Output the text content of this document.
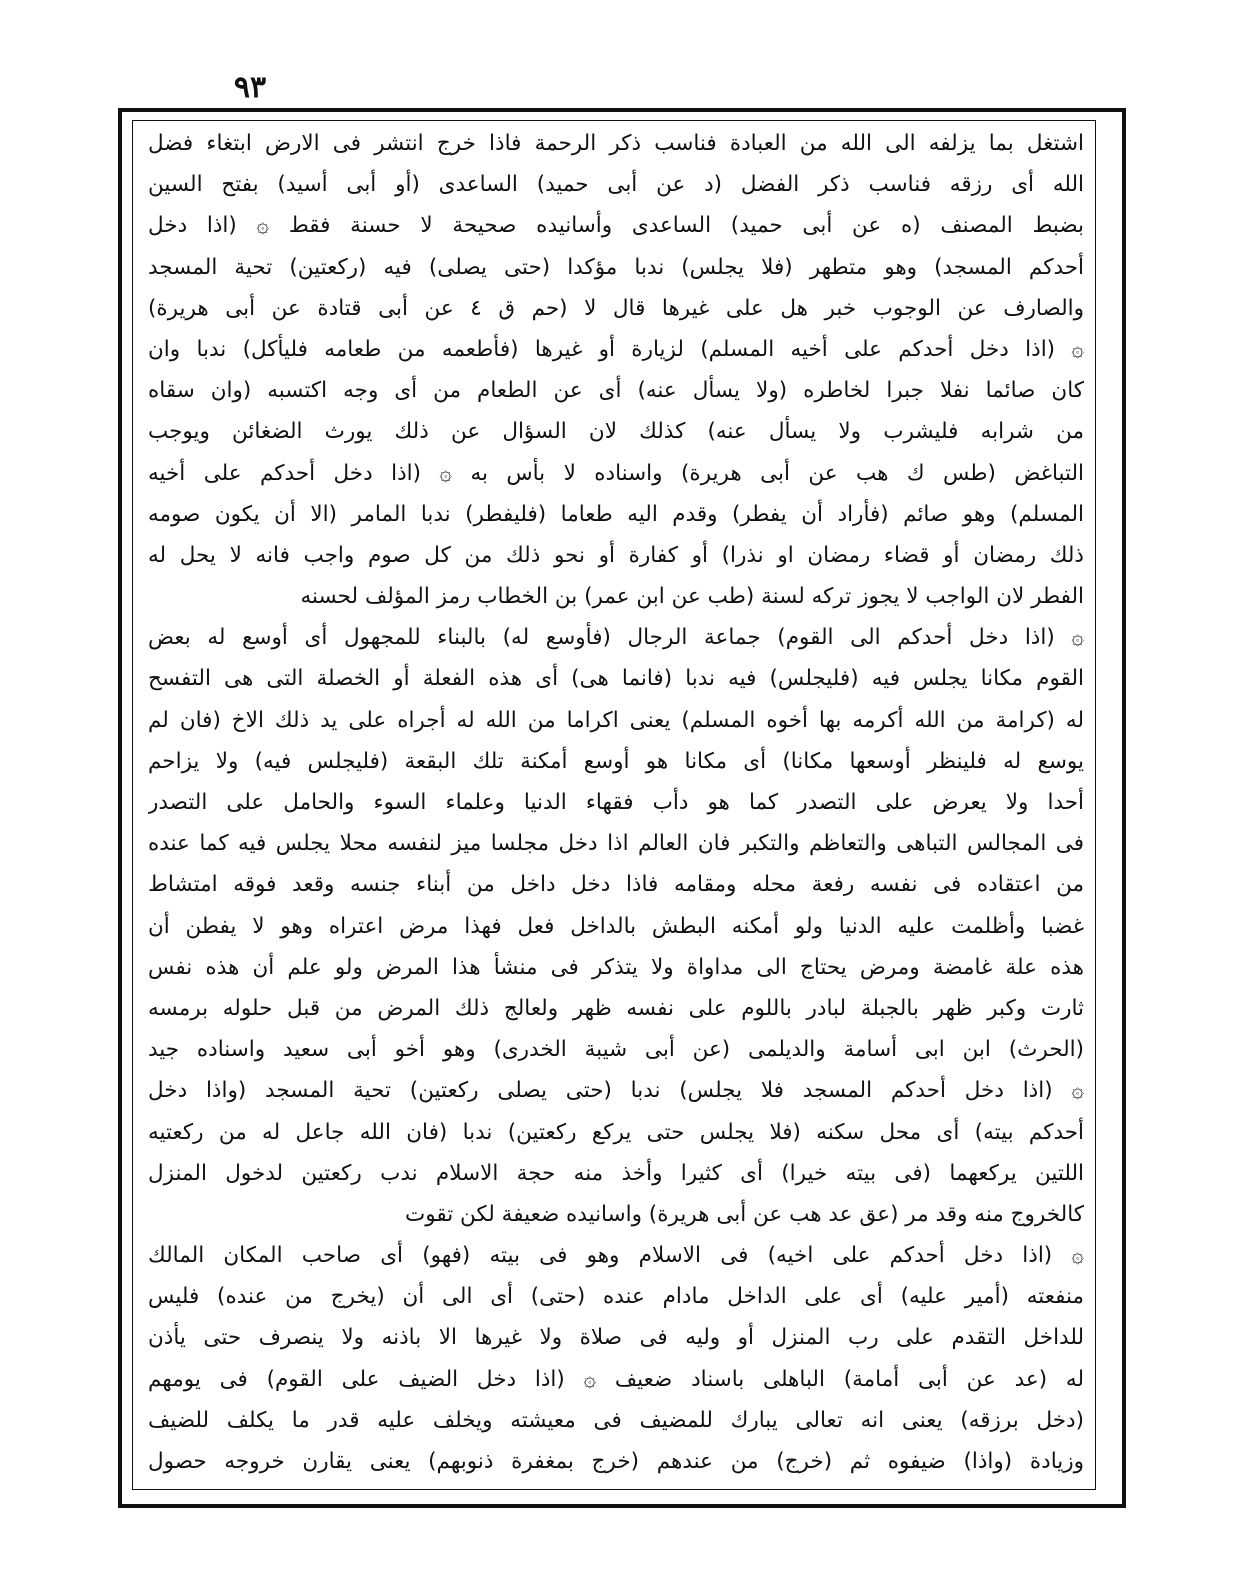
٩٣
اشتغل بما يزلفه الى الله من العبادة فناسب ذكر الرحمة فاذا خرج انتشر فى الارض ابتغاء فضل
الله أى رزقه فناسب ذكر الفضل (د عن أبى حميد) الساعدى (أو أبى أسيد) بفتح السين
بضبط المصنف (ه عن أبى حميد) الساعدى وأسانيده صحيحة لا حسنة فقط ۞ (اذا دخل
أحدكم المسجد) وهو متطهر (فلا يجلس) ندبا مؤكدا (حتى يصلى) فيه (ركعتين) تحية المسجد
والصارف عن الوجوب خبر هل على غيرها قال لا (حم ق ٤ عن أبى قتادة عن أبى هريرة)
۞ (اذا دخل أحدكم على أخيه المسلم) لزيارة أو غيرها (فأطعمه من طعامه فليأكل) ندبا وان
كان صائما نفلا جبرا لخاطره (ولا يسأل عنه) أى عن الطعام من أى وجه اكتسبه (وان سقاه
من شرابه فليشرب ولا يسأل عنه) كذلك لان السؤال عن ذلك يورث الضغائن ويوجب
التباغض (طس ك هب عن أبى هريرة) واسناده لا بأس به ۞ (اذا دخل أحدكم على أخيه
المسلم) وهو صائم (فأراد أن يفطر) وقدم اليه طعاما (فليفطر) ندبا المامر (الا أن يكون صومه
ذلك رمضان أو قضاء رمضان او نذرا) أو كفارة أو نحو ذلك من كل صوم واجب فانه لا يحل له
الفطر لان الواجب لا يجوز تركه لسنة (طب عن ابن عمر) بن الخطاب رمز المؤلف لحسنه
۞ (اذا دخل أحدكم الى القوم) جماعة الرجال (فأوسع له) بالبناء للمجهول أى أوسع له بعض
القوم مكانا يجلس فيه (فليجلس) فيه ندبا (فانما هى) أى هذه الفعلة أو الخصلة التى هى التفسح
له (كرامة من الله أكرمه بها أخوه المسلم) يعنى اكراما من الله له أجراه على يد ذلك الاخ (فان لم
يوسع له فلينظر أوسعها مكانا) أى مكانا هو أوسع أمكنة تلك البقعة (فليجلس فيه) ولا يزاحم
أحدا ولا يعرض على التصدر كما هو دأب فقهاء الدنيا وعلماء السوء والحامل على التصدر
فى المجالس التباهى والتعاظم والتكبر فان العالم اذا دخل مجلسا ميز لنفسه محلا يجلس فيه كما عنده
من اعتقاده فى نفسه رفعة محله ومقامه فاذا دخل داخل من أبناء جنسه وقعد فوقه امتشاط
غضبا وأظلمت عليه الدنيا ولو أمكنه البطش بالداخل فعل فهذا مرض اعتراه وهو لا يفطن أن
هذه علة غامضة ومرض يحتاج الى مداواة ولا يتذكر فى منشأ هذا المرض ولو علم أن هذه نفس
ثارت وكبر ظهر بالجبلة لبادر باللوم على نفسه ظهر ولعالج ذلك المرض من قبل حلوله برمسه
(الحرث) ابن ابى أسامة والديلمى (عن أبى شيبة الخدرى) وهو أخو أبى سعيد واسناده جيد
۞ (اذا دخل أحدكم المسجد فلا يجلس) ندبا (حتى يصلى ركعتين) تحية المسجد (واذا دخل
أحدكم بيته) أى محل سكنه (فلا يجلس حتى يركع ركعتين) ندبا (فان الله جاعل له من ركعتيه
اللتين يركعهما (فى بيته خيرا) أى كثيرا وأخذ منه حجة الاسلام ندب ركعتين لدخول المنزل
كالخروج منه وقد مر (عق عد هب عن أبى هريرة) واسانيده ضعيفة لكن تقوت
۞ (اذا دخل أحدكم على اخيه) فى الاسلام وهو فى بيته (فهو) أى صاحب المكان المالك
منفعته (أمير عليه) أى على الداخل مادام عنده (حتى) أى الى أن (يخرج من عنده) فليس
للداخل التقدم على رب المنزل أو وليه فى صلاة ولا غيرها الا باذنه ولا ينصرف حتى يأذن
له (عد عن أبى أمامة) الباهلى باسناد ضعيف ۞ (اذا دخل الضيف على القوم) فى يومهم
(دخل برزقه) يعنى انه تعالى يبارك للمضيف فى معيشته ويخلف عليه قدر ما يكلف للضيف
وزيادة (واذا) ضيفوه ثم (خرج) من عندهم (خرج بمغفرة ذنوبهم) يعنى يقارن خروجه حصول
